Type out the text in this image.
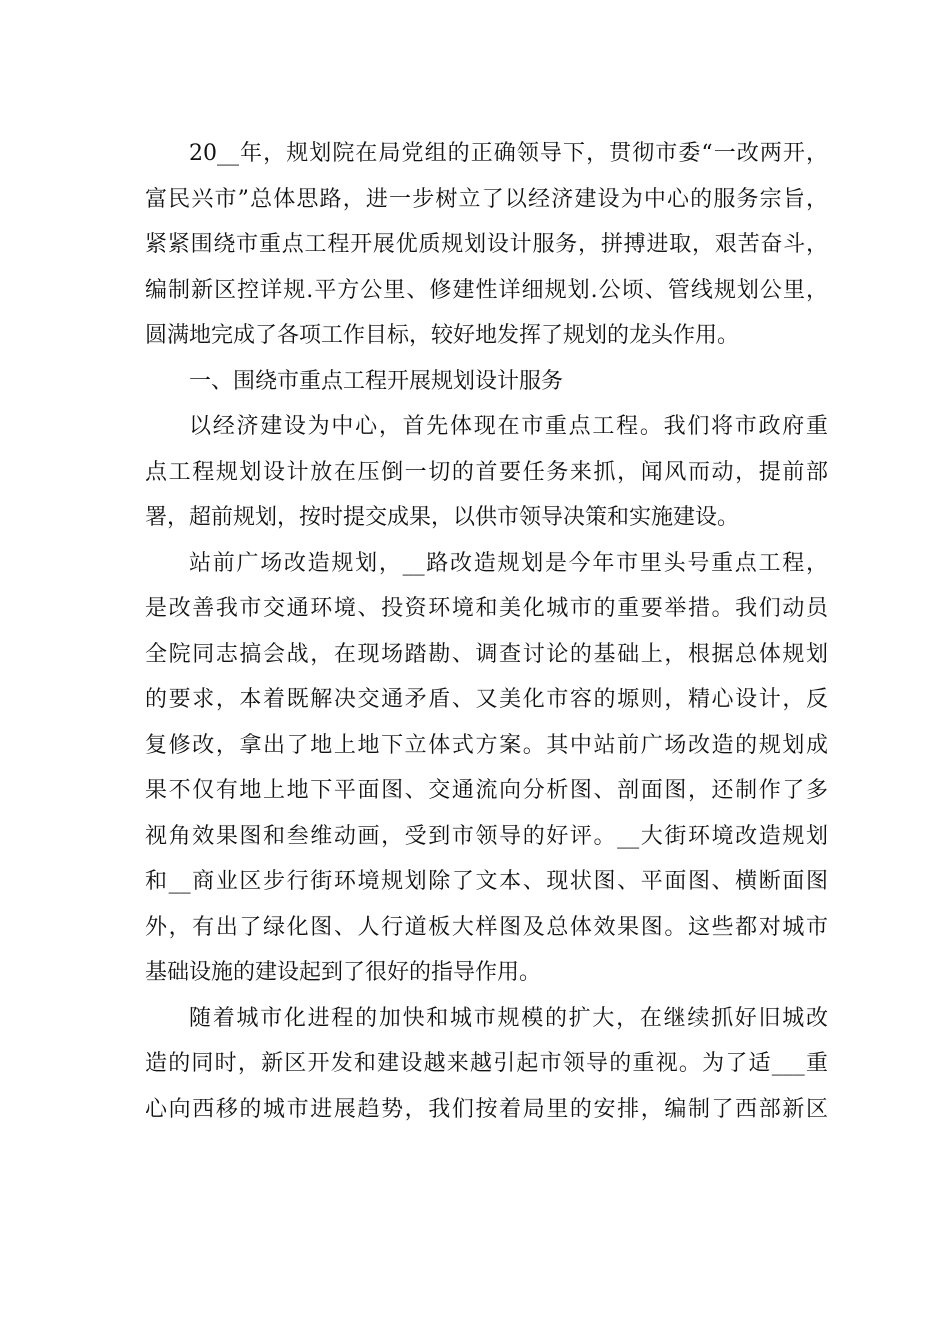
20__年，规划院在局党组的正确领导下，贯彻市委“一改两开，
富民兴市”总体思路，进一步树立了以经济建设为中心的服务宗旨，
紧紧围绕市重点工程开展优质规划设计服务，拼搏进取，艰苦奋斗，
编制新区控详规.平方公里、修建性详细规划.公顷、管线规划公里，
圆满地完成了各项工作目标，较好地发挥了规划的龙头作用。
一、围绕市重点工程开展规划设计服务
以经济建设为中心，首先体现在市重点工程。我们将市政府重
点工程规划设计放在压倒一切的首要任务来抓，闻风而动，提前部
署，超前规划，按时提交成果，以供市领导决策和实施建设。
站前广场改造规划，__路改造规划是今年市里头号重点工程，
是改善我市交通环境、投资环境和美化城市的重要举措。我们动员
全院同志搞会战，在现场踏勘、调查讨论的基础上，根据总体规划
的要求，本着既解决交通矛盾、又美化市容的塬则，精心设计，反
复修改，拿出了地上地下立体式方案。其中站前广场改造的规划成
果不仅有地上地下平面图、交通流向分析图、剖面图，还制作了多
视角效果图和叁维动画，受到市领导的好评。__大街环境改造规划
和__商业区步行街环境规划除了文本、现状图、平面图、横断面图
外，有出了绿化图、人行道板大样图及总体效果图。这些都对城市
基础设施的建设起到了很好的指导作用。
随着城市化进程的加快和城市规模的扩大，在继续抓好旧城改
造的同时，新区开发和建设越来越引起市领导的重视。为了适___重
心向西移的城市进展趋势，我们按着局里的安排，编制了西部新区
